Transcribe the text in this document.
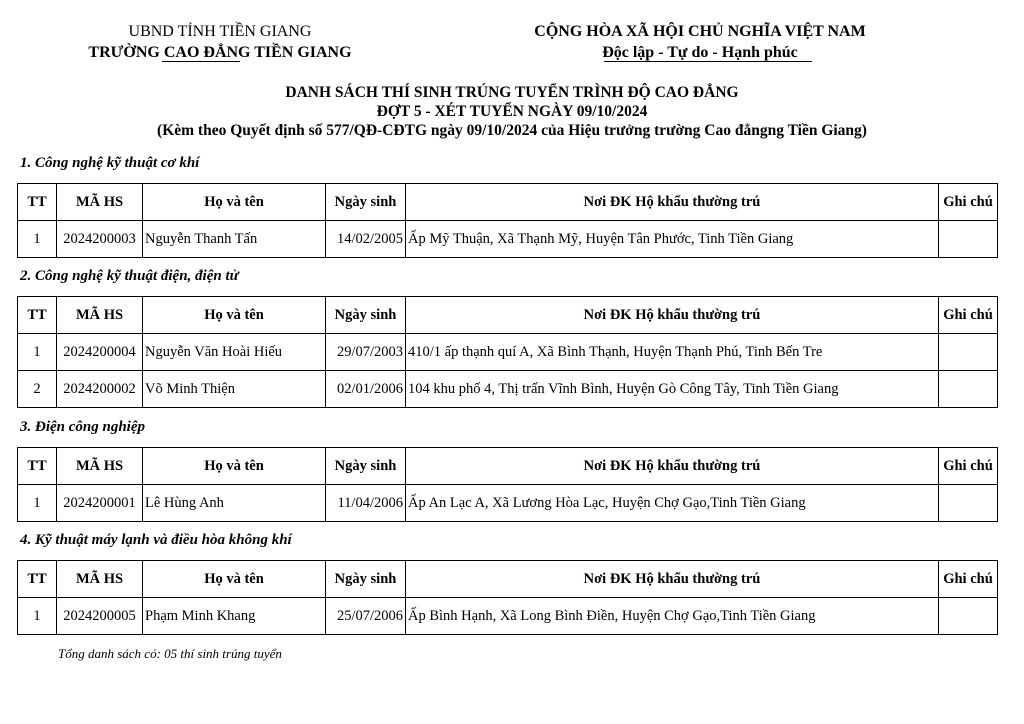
UBND TỈNH TIỀN GIANG
TRƯỜNG CAO ĐẲNG TIỀN GIANG
CỘNG HÒA XÃ HỘI CHỦ NGHĨA VIỆT NAM
Độc lập - Tự do - Hạnh phúc
DANH SÁCH THÍ SINH TRÚNG TUYỂN TRÌNH ĐỘ CAO ĐẲNG
ĐỢT 5 - XÉT TUYỂN NGÀY 09/10/2024
(Kèm theo Quyết định số 577/QĐ-CĐTG ngày 09/10/2024 của Hiệu trưởng trường Cao đẳngng Tiền Giang)
1. Công nghệ kỹ thuật cơ khí
TT	MÃ HS	Họ và tên	Ngày sinh	Nơi ĐK Hộ khẩu thường trú	Ghi chú
1	2024200003	Nguyễn Thanh Tấn	14/02/2005	Ấp Mỹ Thuận, Xã Thạnh Mỹ, Huyện Tân Phước, Tinh Tiền Giang	
2. Công nghệ kỹ thuật điện, điện tử
TT	MÃ HS	Họ và tên	Ngày sinh	Nơi ĐK Hộ khẩu thường trú	Ghi chú
1	2024200004	Nguyễn Văn Hoài Hiếu	29/07/2003	410/1 ấp thạnh quí A, Xã Bình Thạnh, Huyện Thạnh Phú, Tinh Bến Tre	
2	2024200002	Võ Minh Thiện	02/01/2006	104 khu phố 4, Thị trấn Vĩnh Bình, Huyện Gò Công Tây, Tinh Tiền Giang	
3. Điện công nghiệp
TT	MÃ HS	Họ và tên	Ngày sinh	Nơi ĐK Hộ khẩu thường trú	Ghi chú
1	2024200001	Lê Hùng Anh	11/04/2006	Ấp An Lạc A, Xã Lương Hòa Lạc, Huyện Chợ Gạo,Tinh Tiền Giang	
4. Kỹ thuật máy lạnh và điều hòa không khí
TT	MÃ HS	Họ và tên	Ngày sinh	Nơi ĐK Hộ khẩu thường trú	Ghi chú
1	2024200005	Phạm Minh Khang	25/07/2006	Ấp Bình Hạnh, Xã Long Bình Điền, Huyện Chợ Gạo,Tinh Tiền Giang	
Tổng danh sách có: 05 thí sinh trúng tuyển
